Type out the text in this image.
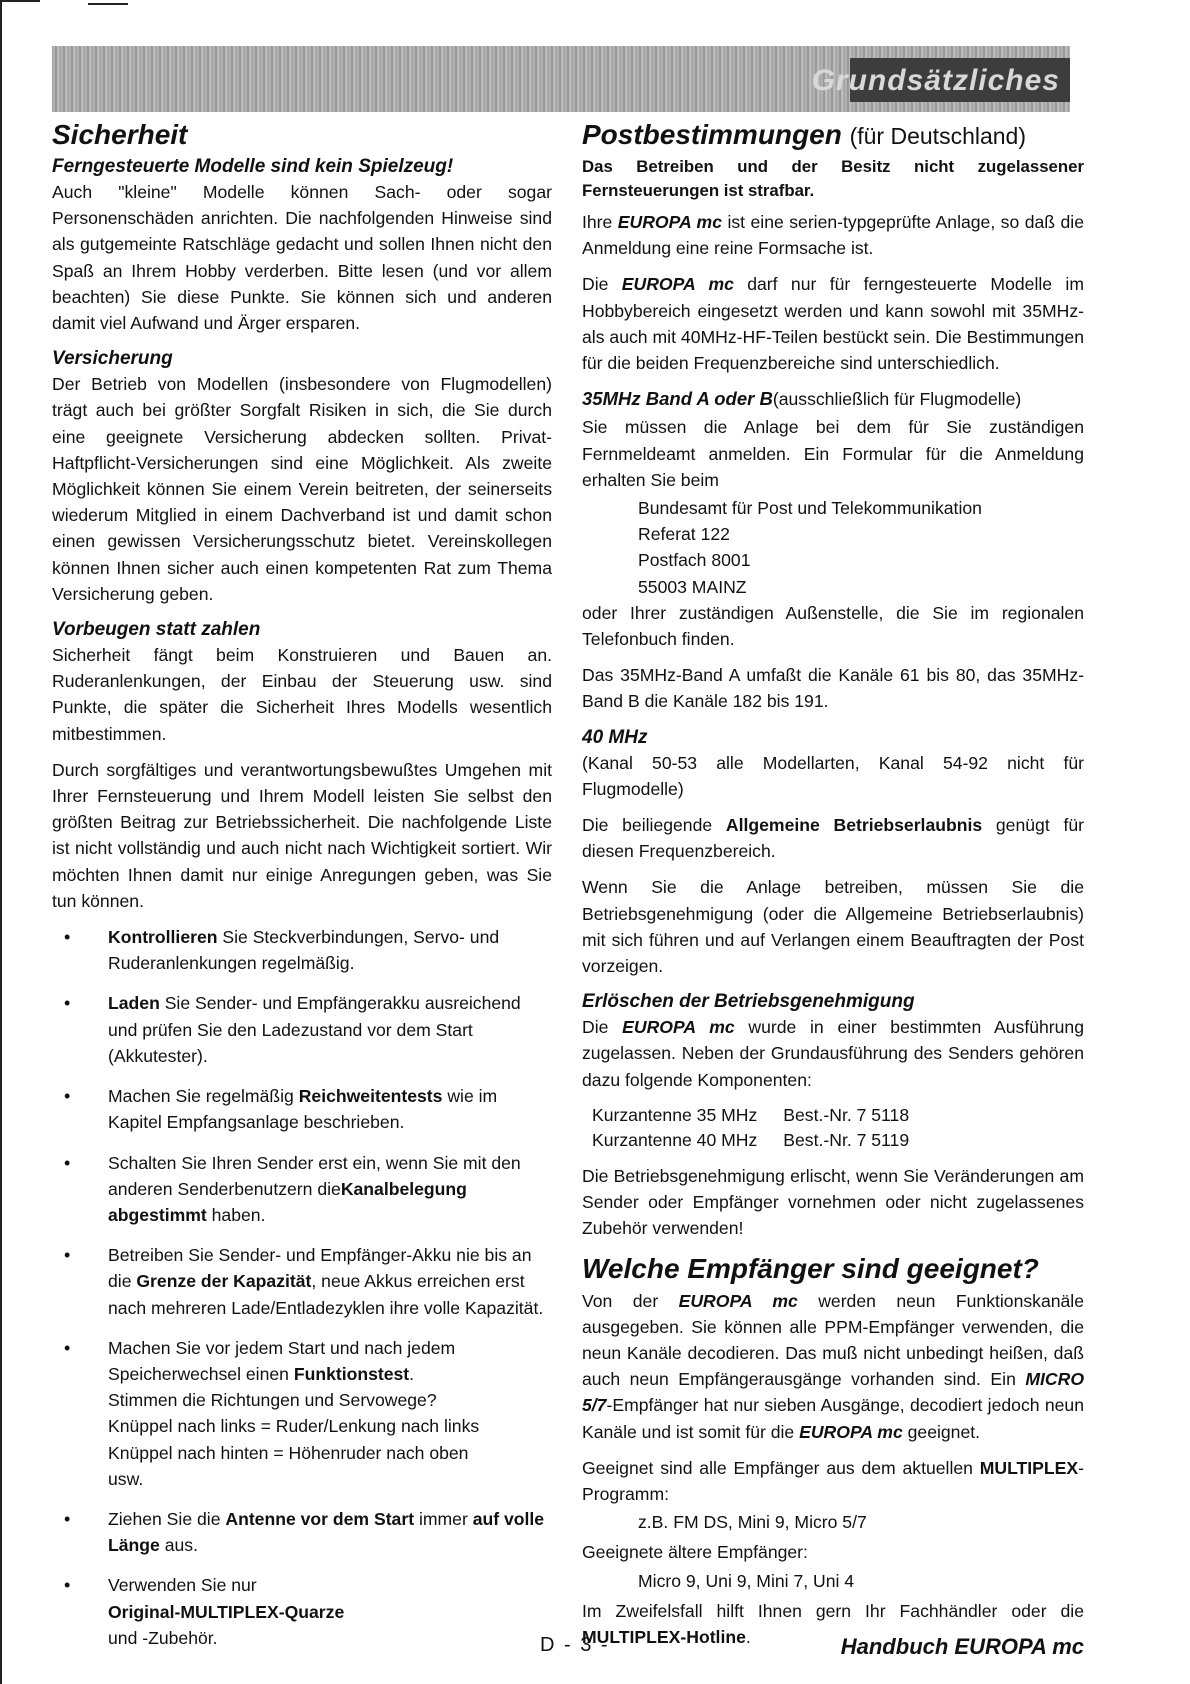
Grundsätzliches
Sicherheit
Ferngesteuerte Modelle sind kein Spielzeug!

Auch "kleine" Modelle können Sach- oder sogar Personenschäden anrichten. Die nachfolgenden Hinweise sind als gutgemeinte Ratschläge gedacht und sollen Ihnen nicht den Spaß an Ihrem Hobby verderben. Bitte lesen (und vor allem beachten) Sie diese Punkte. Sie können sich und anderen damit viel Aufwand und Ärger ersparen.

Versicherung

Der Betrieb von Modellen (insbesondere von Flugmodellen) trägt auch bei größter Sorgfalt Risiken in sich, die Sie durch eine geeignete Versicherung abdecken sollten. Privat-Haftpflicht-Versicherungen sind eine Möglichkeit. Als zweite Möglichkeit können Sie einem Verein beitreten, der seinerseits wiederum Mitglied in einem Dachverband ist und damit schon einen gewissen Versicherungsschutz bietet. Vereinskollegen können Ihnen sicher auch einen kompetenten Rat zum Thema Versicherung geben.

Vorbeugen statt zahlen

Sicherheit fängt beim Konstruieren und Bauen an. Ruderanlenkungen, der Einbau der Steuerung usw. sind Punkte, die später die Sicherheit Ihres Modells wesentlich mitbestimmen.

Durch sorgfältiges und verantwortungsbewußtes Umgehen mit Ihrer Fernsteuerung und Ihrem Modell leisten Sie selbst den größten Beitrag zur Betriebssicherheit. Die nachfolgende Liste ist nicht vollständig und auch nicht nach Wichtigkeit sortiert. Wir möchten Ihnen damit nur einige Anregungen geben, was Sie tun können.

• Kontrollieren Sie Steckverbindungen, Servo- und Ruderanlenkungen regelmäßig.
• Laden Sie Sender- und Empfängerakku ausreichend und prüfen Sie den Ladezustand vor dem Start (Akkutester).
• Machen Sie regelmäßig Reichweitentests wie im Kapitel Empfangsanlage beschrieben.
• Schalten Sie Ihren Sender erst ein, wenn Sie mit den anderen Senderbenutzern dieKanalbelegung abgestimmt haben.
• Betreiben Sie Sender- und Empfänger-Akku nie bis an die Grenze der Kapazität, neue Akkus erreichen erst nach mehreren Lade/Entladezyklen ihre volle Kapazität.
• Machen Sie vor jedem Start und nach jedem Speicherwechsel einen Funktionstest.
Stimmen die Richtungen und Servowege?
Knüppel nach links = Ruder/Lenkung nach links
Knüppel nach hinten = Höhenruder nach oben
usw.
• Ziehen Sie die Antenne vor dem Start immer auf volle Länge aus.
• Verwenden Sie nur
Original-MULTIPLEX-Quarze
und -Zubehör.
Postbestimmungen (für Deutschland)

Das Betreiben und der Besitz nicht zugelassener Fernsteuerungen ist strafbar.

Ihre EUROPA mc ist eine serien-typgeprüfte Anlage, so daß die Anmeldung eine reine Formsache ist.

Die EUROPA mc darf nur für ferngesteuerte Modelle im Hobbybereich eingesetzt werden und kann sowohl mit 35MHz- als auch mit 40MHz-HF-Teilen bestückt sein. Die Bestimmungen für die beiden Frequenzbereiche sind unterschiedlich.

35MHz Band A oder B(ausschließlich für Flugmodelle)

Sie müssen die Anlage bei dem für Sie zuständigen Fernmeldeamt anmelden. Ein Formular für die Anmeldung erhalten Sie beim

Bundesamt für Post und Telekommunikation

Referat 122

Postfach 8001

55003 MAINZ

oder Ihrer zuständigen Außenstelle, die Sie im regionalen Telefonbuch finden.

Das 35MHz-Band A umfaßt die Kanäle 61 bis 80, das 35MHz-Band B die Kanäle 182 bis 191.

40 MHz

(Kanal 50-53 alle Modellarten, Kanal 54-92 nicht für Flugmodelle)

Die beiliegende Allgemeine Betriebserlaubnis genügt für diesen Frequenzbereich.

Wenn Sie die Anlage betreiben, müssen Sie die Betriebsgenehmigung (oder die Allgemeine Betriebserlaubnis) mit sich führen und auf Verlangen einem Beauftragten der Post vorzeigen.

Erlöschen der Betriebsgenehmigung

Die EUROPA mc wurde in einer bestimmten Ausführung zugelassen. Neben der Grundausführung des Senders gehören dazu folgende Komponenten:

Kurzantenne 35 MHz	Best.-Nr. 7 5118
Kurzantenne 40 MHz	Best.-Nr. 7 5119

Die Betriebsgenehmigung erlischt, wenn Sie Veränderungen am Sender oder Empfänger vornehmen oder nicht zugelassenes Zubehör verwenden!

Welche Empfänger sind geeignet?

Von der EUROPA mc werden neun Funktionskanäle ausgegeben. Sie können alle PPM-Empfänger verwenden, die neun Kanäle decodieren. Das muß nicht unbedingt heißen, daß auch neun Empfängerausgänge vorhanden sind. Ein MICRO 5/7-Empfänger hat nur sieben Ausgänge, decodiert jedoch neun Kanäle und ist somit für die EUROPA mc geeignet.

Geeignet sind alle Empfänger aus dem aktuellen MULTIPLEX-Programm:

z.B. FM DS, Mini 9, Micro 5/7

Geeignete ältere Empfänger:

Micro 9, Uni 9, Mini 7, Uni 4

Im Zweifelsfall hilft Ihnen gern Ihr Fachhändler oder die MULTIPLEX-Hotline.

D - 3 -	Handbuch EUROPA mc
